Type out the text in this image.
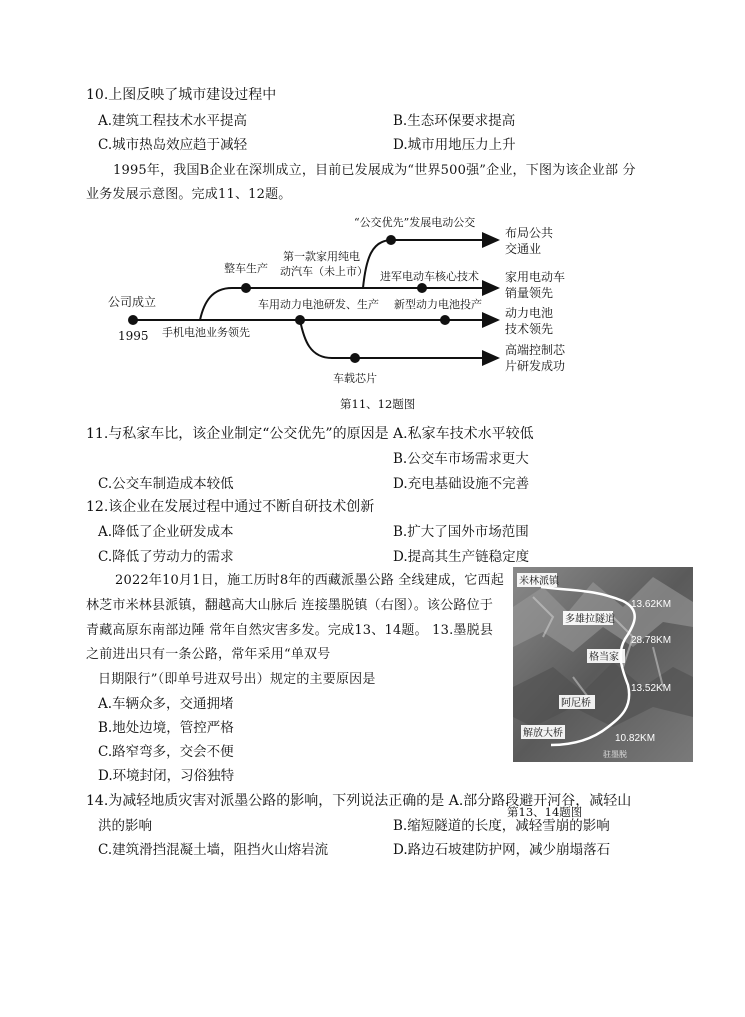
10.上图反映了城市建设过程中
A.建筑工程技术水平提高	B.生态环保要求提高
C.城市热岛效应趋于减轻	D.城市用地压力上升
1995年，我国B企业在深圳成立，目前已发展成为“世界500强”企业，下图为该企业部 分
业务发展示意图。完成11、12题。
公司成立
1995 手机电池业务领先
整车生产
第一款家用纯电
动汽车（未上市）
“公交优先”发展电动公交
进军电动车核心技术
车用动力电池研发、生产 新型动力电池投产
车载芯片
布局公共
交通业
家用电动车
销量领先
动力电池
技术领先
高端控制芯
片研发成功
第11、12题图
11.与私家车比，该企业制定“公交优先”的原因是 A.私家车技术水平较低
B.公交车市场需求更大
C.公交车制造成本较低	D.充电基础设施不完善
12.该企业在发展过程中通过不断自研技术创新
A.降低了企业研发成本	B.扩大了国外市场范围
C.降低了劳动力的需求	D.提高其生产链稳定度
2022年10月1日，施工历时8年的西藏派墨公路 全线建成，它西起
林芝市米林县派镇，翻越高大山脉后 连接墨脱镇（右图）。该公路位于
青藏高原东南部边陲 常年自然灾害多发。完成13、14题。 13.墨脱县
之前进出只有一条公路，常年采用“单双号
日期限行”（即单号进双号出）规定的主要原因是
A.车辆众多，交通拥堵
B.地处边境，管控严格
C.路窄弯多，交会不便
D.环境封闭，习俗独特
米林派镇
多雄拉隧道
格当家
阿尼桥
解放大桥
驻墨脱
13.62KM
28.78KM
13.52KM
10.82KM
14.为减轻地质灾害对派墨公路的影响，下列说法正确的是 A.部分路段避开河谷，减轻山
第13、14题图
洪的影响	B.缩短隧道的长度，减轻雪崩的影响
C.建筑滑挡混凝土墙，阻挡火山熔岩流	D.路边石坡建防护网，减少崩塌落石
